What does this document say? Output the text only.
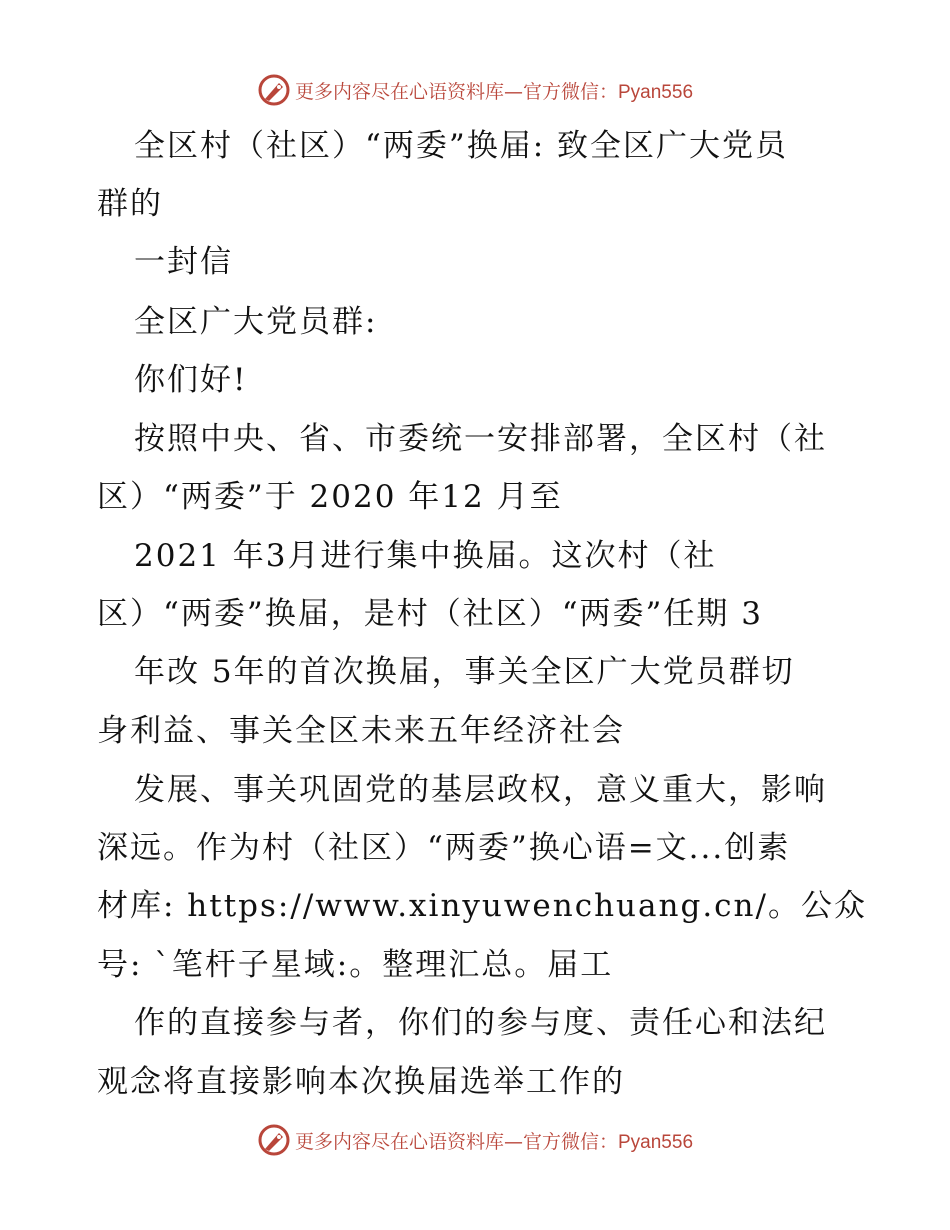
更多内容尽在心语资料库—官方微信：Pyan556
全区村（社区）“两委”换届: 致全区广大党员
群的
一封信
全区广大党员群:
你们好!
按照中央、省、市委统一安排部署，全区村（社
区）“两委”于 2020 年12 月至
2021 年3月进行集中换届。这次村（社
区）“两委”换届，是村（社区）“两委”任期 3
年改 5年的首次换届，事关全区广大党员群切
身利益、事关全区未来五年经济社会
发展、事关巩固党的基层政权，意义重大，影响
深远。作为村（社区）“两委”换心语=文...创素
材库: https://www.xinyuwenchuang.cn/。公众
号: `笔杆子星域:。整理汇总。届工
作的直接参与者，你们的参与度、责任心和法纪
观念将直接影响本次换届选举工作的
更多内容尽在心语资料库—官方微信：Pyan556
